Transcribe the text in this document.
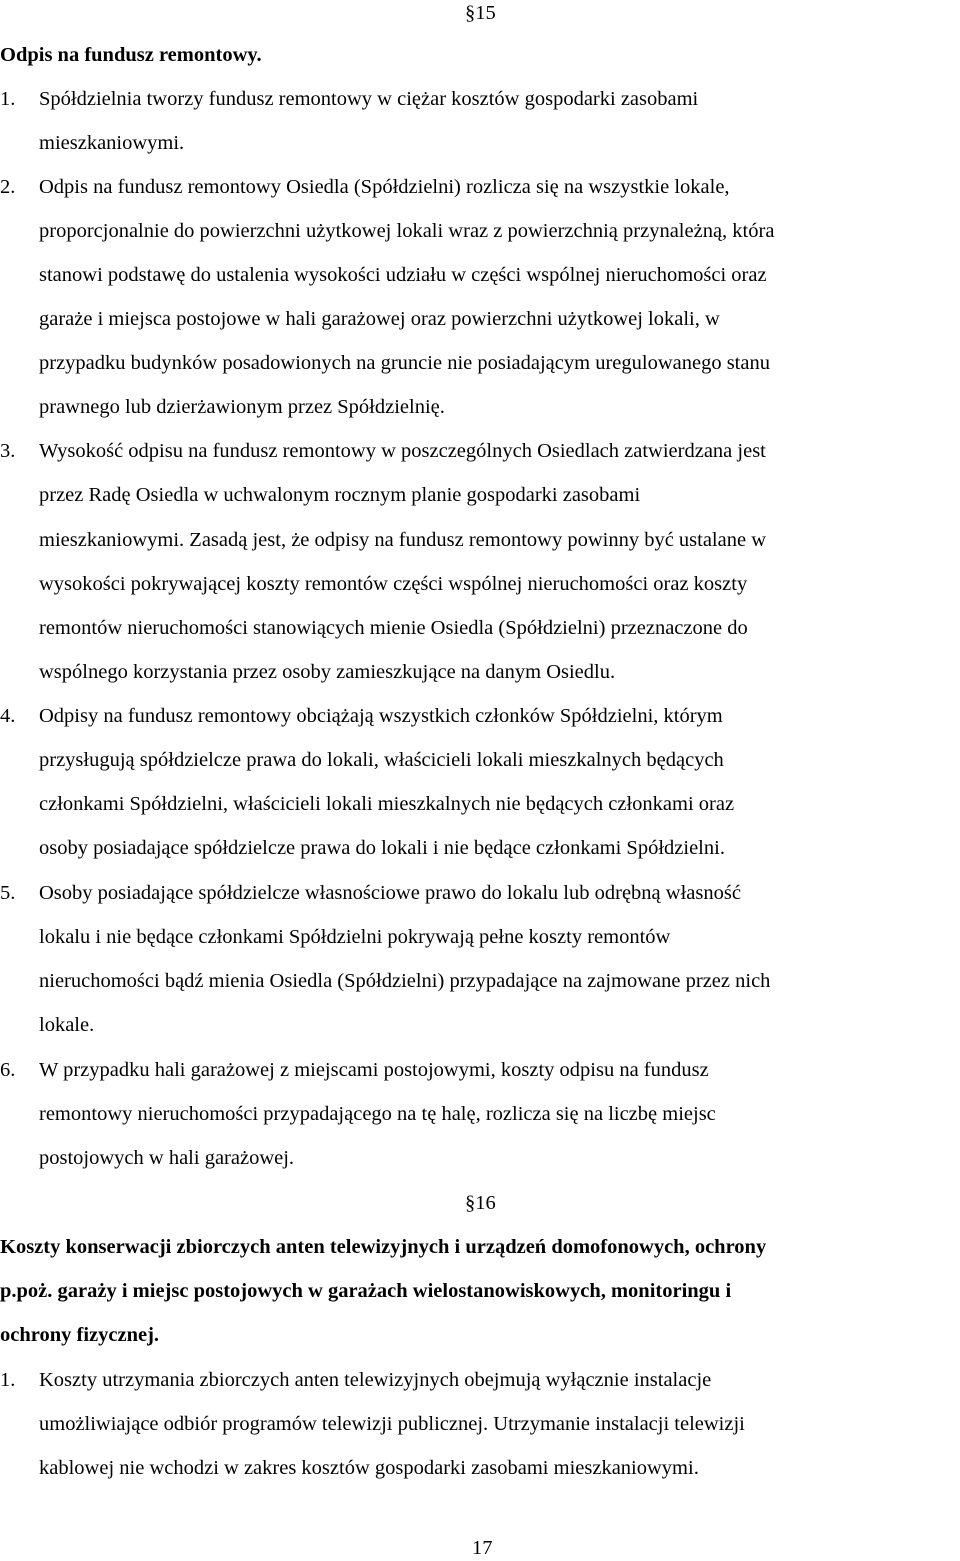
§15
Odpis na fundusz remontowy.
1. Spółdzielnia tworzy fundusz remontowy w ciężar kosztów gospodarki zasobami
mieszkaniowymi.
2. Odpis na fundusz remontowy Osiedla (Spółdzielni) rozlicza się na wszystkie lokale,
proporcjonalnie do powierzchni użytkowej lokali wraz z powierzchnią przynależną, która
stanowi podstawę do ustalenia wysokości udziału w części wspólnej nieruchomości oraz
garaże i miejsca postojowe w hali garażowej oraz powierzchni użytkowej lokali, w
przypadku budynków posadowionych na gruncie nie posiadającym uregulowanego stanu
prawnego lub dzierżawionym przez Spółdzielnię.
3. Wysokość odpisu na fundusz remontowy w poszczególnych Osiedlach zatwierdzana jest
przez Radę Osiedla w uchwalonym rocznym planie gospodarki zasobami
mieszkaniowymi. Zasadą jest, że odpisy na fundusz remontowy powinny być ustalane w
wysokości pokrywającej koszty remontów części wspólnej nieruchomości oraz koszty
remontów nieruchomości stanowiących mienie Osiedla (Spółdzielni) przeznaczone do
wspólnego korzystania przez osoby zamieszkujące na danym Osiedlu.
4. Odpisy na fundusz remontowy obciążają wszystkich członków Spółdzielni, którym
przysługują spółdzielcze prawa do lokali, właścicieli lokali mieszkalnych będących
członkami Spółdzielni, właścicieli lokali mieszkalnych nie będących członkami oraz
osoby posiadające spółdzielcze prawa do lokali i nie będące członkami Spółdzielni.
5. Osoby posiadające spółdzielcze własnościowe prawo do lokalu lub odrębną własność
lokalu i nie będące członkami Spółdzielni pokrywają pełne koszty remontów
nieruchomości bądź mienia Osiedla (Spółdzielni) przypadające na zajmowane przez nich
lokale.
6. W przypadku hali garażowej z miejscami postojowymi, koszty odpisu na fundusz
remontowy nieruchomości przypadającego na tę halę, rozlicza się na liczbę miejsc
postojowych w hali garażowej.
§16
Koszty konserwacji zbiorczych anten telewizyjnych i urządzeń domofonowych, ochrony
p.poż. garaży i miejsc postojowych w garażach wielostanowiskowych, monitoringu i
ochrony fizycznej.
1. Koszty utrzymania zbiorczych anten telewizyjnych obejmują wyłącznie instalacje
umożliwiające odbiór programów telewizji publicznej. Utrzymanie instalacji telewizji
kablowej nie wchodzi w zakres kosztów gospodarki zasobami mieszkaniowymi.
17
